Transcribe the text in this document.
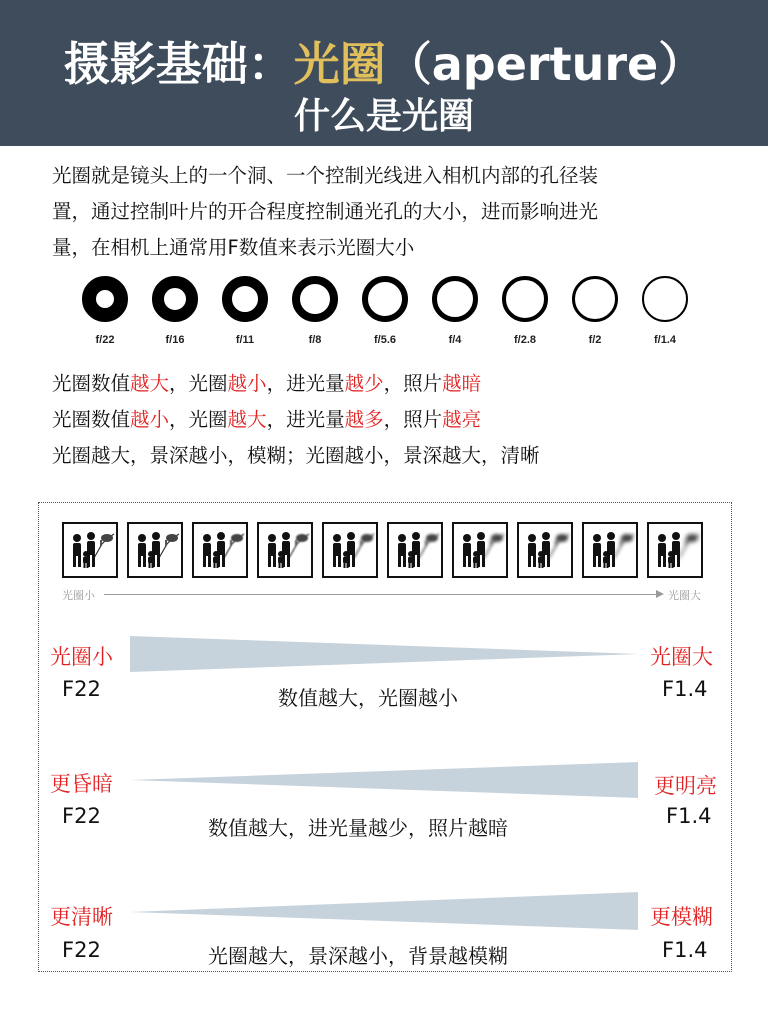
摄影基础：光圈（aperture）
什么是光圈
光圈就是镜头上的一个洞、一个控制光线进入相机内部的孔径装
置，通过控制叶片的开合程度控制通光孔的大小，进而影响进光
量，在相机上通常用F数值来表示光圈大小
f/22	f/16	f/11	f/8	f/5.6	f/4	f/2.8	f/2	f/1.4
光圈数值越大，光圈越小，进光量越少，照片越暗
光圈数值越小，光圈越大，进光量越多，照片越亮
光圈越大，景深越小，模糊；光圈越小，景深越大，清晰
光圈小	光圈大
光圈小
F22
光圈大
F1.4
数值越大，光圈越小
更昏暗
F22
更明亮
F1.4
数值越大，进光量越少，照片越暗
更清晰
F22
更模糊
F1.4
光圈越大，景深越小，背景越模糊
